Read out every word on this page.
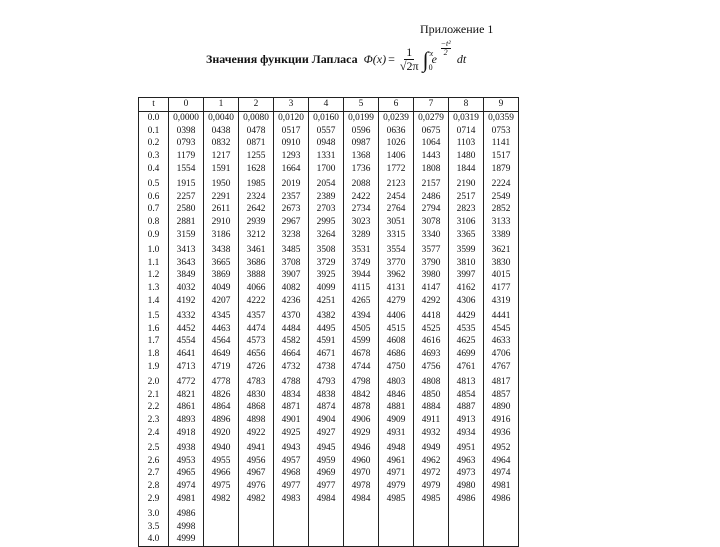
Приложение 1
Значения функции Лапласа $\Phi(x) = \frac{1}{√2\pi}$ ∫ x
0
e
$\frac{\text{−t²}}{2}$
dt
t	0	1	2	3	4	5	6	7	8	9
0.0	0,0000	0,0040	0,0080	0,0120	0,0160	0,0199	0,0239	0,0279	0,0319	0,0359
0.1	0398	0438	0478	0517	0557	0596	0636	0675	0714	0753
0.2	0793	0832	0871	0910	0948	0987	1026	1064	1103	1141
0.3	1179	1217	1255	1293	1331	1368	1406	1443	1480	1517
0.4	1554	1591	1628	1664	1700	1736	1772	1808	1844	1879
0.5	1915	1950	1985	2019	2054	2088	2123	2157	2190	2224
0.6	2257	2291	2324	2357	2389	2422	2454	2486	2517	2549
0.7	2580	2611	2642	2673	2703	2734	2764	2794	2823	2852
0.8	2881	2910	2939	2967	2995	3023	3051	3078	3106	3133
0.9	3159	3186	3212	3238	3264	3289	3315	3340	3365	3389
1.0	3413	3438	3461	3485	3508	3531	3554	3577	3599	3621
1.1	3643	3665	3686	3708	3729	3749	3770	3790	3810	3830
1.2	3849	3869	3888	3907	3925	3944	3962	3980	3997	4015
1.3	4032	4049	4066	4082	4099	4115	4131	4147	4162	4177
1.4	4192	4207	4222	4236	4251	4265	4279	4292	4306	4319
1.5	4332	4345	4357	4370	4382	4394	4406	4418	4429	4441
1.6	4452	4463	4474	4484	4495	4505	4515	4525	4535	4545
1.7	4554	4564	4573	4582	4591	4599	4608	4616	4625	4633
1.8	4641	4649	4656	4664	4671	4678	4686	4693	4699	4706
1.9	4713	4719	4726	4732	4738	4744	4750	4756	4761	4767
2.0	4772	4778	4783	4788	4793	4798	4803	4808	4813	4817
2.1	4821	4826	4830	4834	4838	4842	4846	4850	4854	4857
2.2	4861	4864	4868	4871	4874	4878	4881	4884	4887	4890
2.3	4893	4896	4898	4901	4904	4906	4909	4911	4913	4916
2.4	4918	4920	4922	4925	4927	4929	4931	4932	4934	4936
2.5	4938	4940	4941	4943	4945	4946	4948	4949	4951	4952
2.6	4953	4955	4956	4957	4959	4960	4961	4962	4963	4964
2.7	4965	4966	4967	4968	4969	4970	4971	4972	4973	4974
2.8	4974	4975	4976	4977	4977	4978	4979	4979	4980	4981
2.9	4981	4982	4982	4983	4984	4984	4985	4985	4986	4986
3.0	4986									
3.5	4998									
4.0	4999									
